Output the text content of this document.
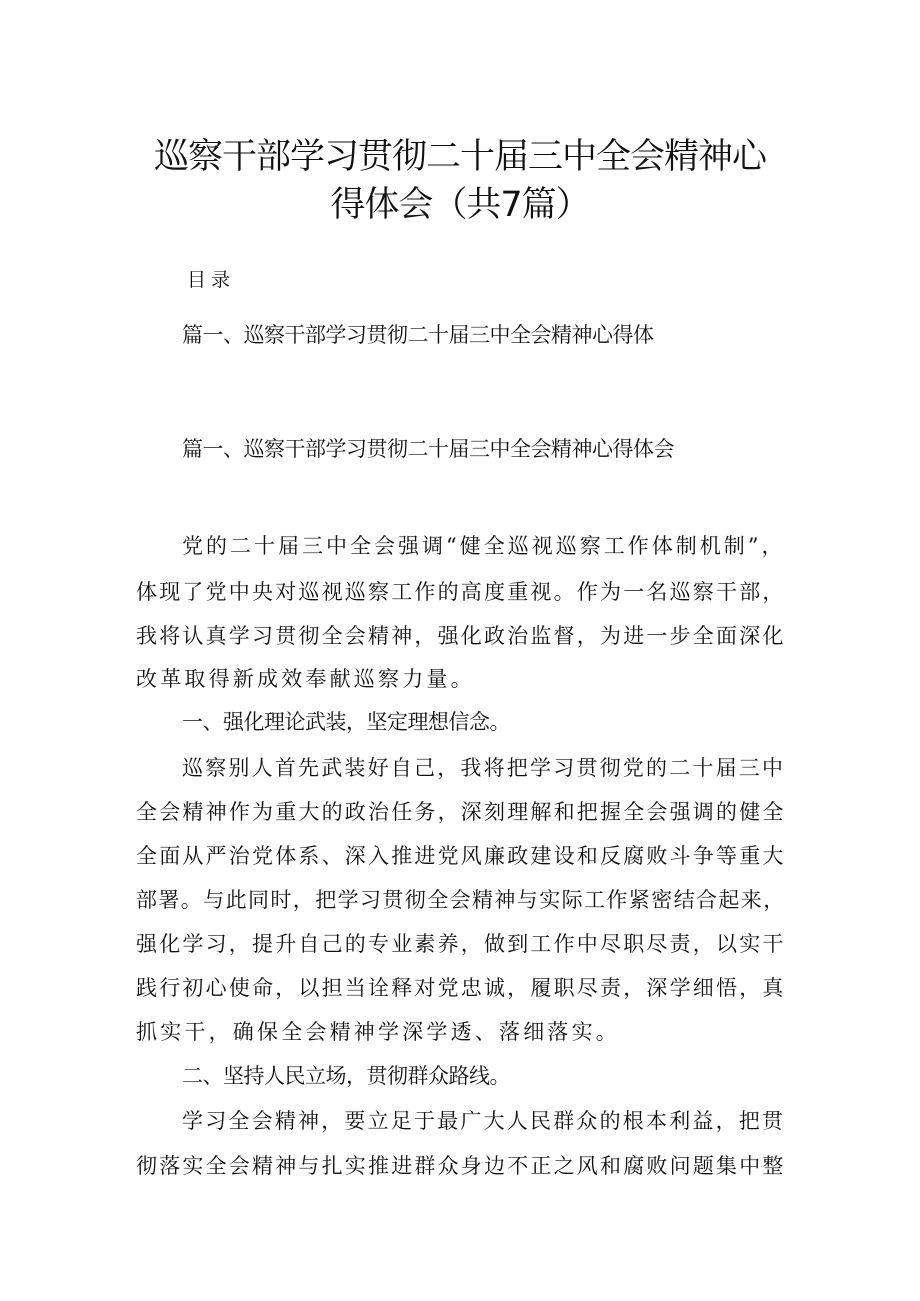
巡察干部学习贯彻二十届三中全会精神心
得体会（共7篇）
目录
篇一、巡察干部学习贯彻二十届三中全会精神心得体
篇一、巡察干部学习贯彻二十届三中全会精神心得体会
党的二十届三中全会强调“健全巡视巡察工作体制机制”，
体现了党中央对巡视巡察工作的高度重视。作为一名巡察干部，
我将认真学习贯彻全会精神，强化政治监督，为进一步全面深化
改革取得新成效奉献巡察力量。
一、强化理论武装，坚定理想信念。
巡察别人首先武装好自己，我将把学习贯彻党的二十届三中
全会精神作为重大的政治任务，深刻理解和把握全会强调的健全
全面从严治党体系、深入推进党风廉政建设和反腐败斗争等重大
部署。与此同时，把学习贯彻全会精神与实际工作紧密结合起来，
强化学习，提升自己的专业素养，做到工作中尽职尽责，以实干
践行初心使命，以担当诠释对党忠诚，履职尽责，深学细悟，真
抓实干，确保全会精神学深学透、落细落实。
二、坚持人民立场，贯彻群众路线。
学习全会精神，要立足于最广大人民群众的根本利益，把贯
彻落实全会精神与扎实推进群众身边不正之风和腐败问题集中整
